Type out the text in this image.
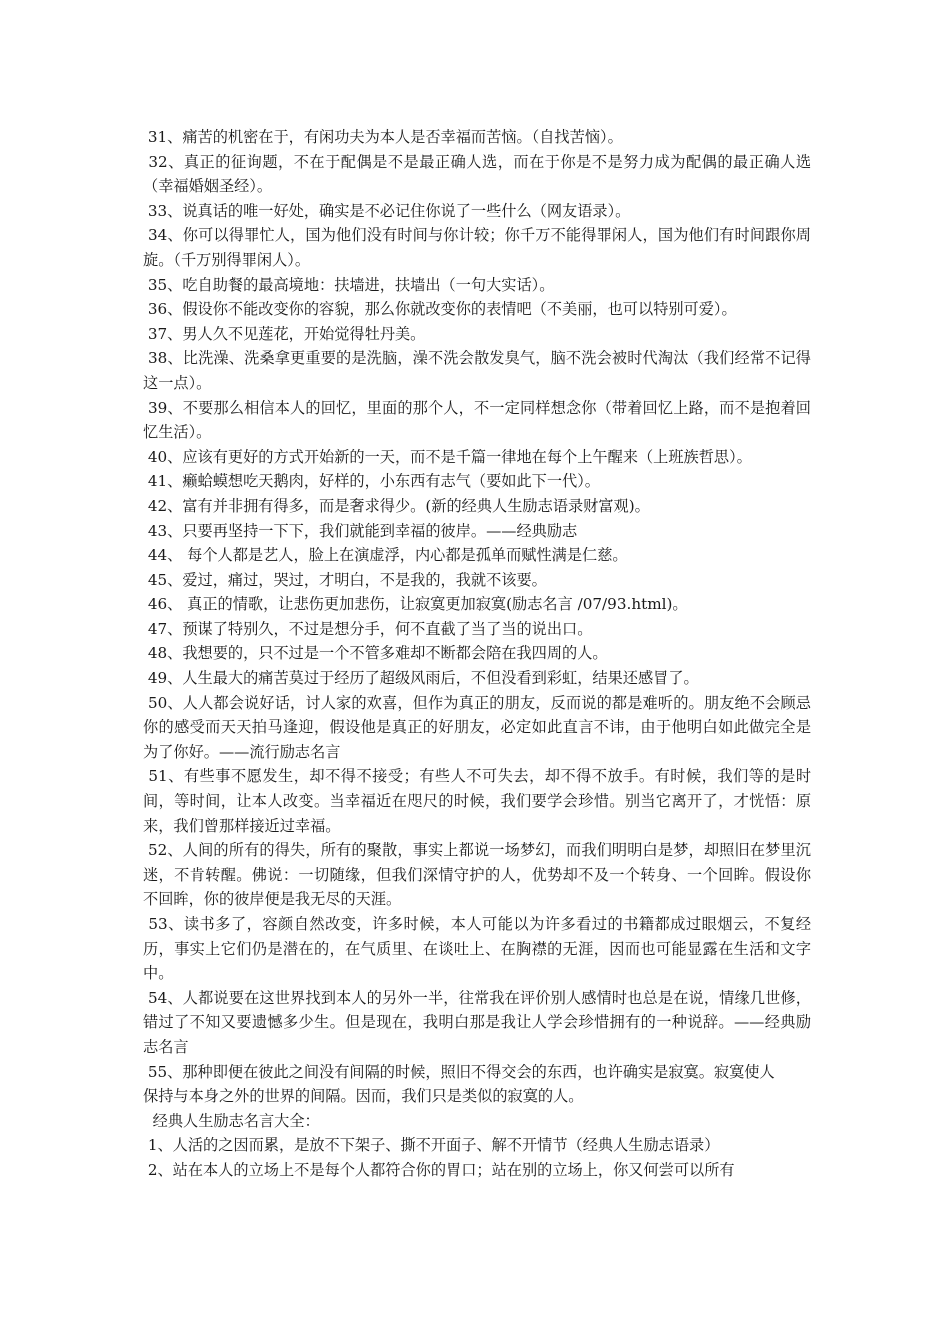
31、痛苦的机密在于，有闲功夫为本人是否幸福而苦恼。（自找苦恼）。

32、真正的征询题，不在于配偶是不是最正确人选，而在于你是不是努力成为配偶的最正确人选（幸福婚姻圣经）。

33、说真话的唯一好处，确实是不必记住你说了一些什么（网友语录）。

34、你可以得罪忙人，国为他们没有时间与你计较；你千万不能得罪闲人，国为他们有时间跟你周旋。（千万别得罪闲人）。

35、吃自助餐的最高境地：扶墙进，扶墙出（一句大实话）。

36、假设你不能改变你的容貌，那么你就改变你的表情吧（不美丽，也可以特别可爱）。

37、男人久不见莲花，开始觉得牡丹美。

38、比洗澡、洗桑拿更重要的是洗脑，澡不洗会散发臭气，脑不洗会被时代淘汰（我们经常不记得这一点）。

39、不要那么相信本人的回忆，里面的那个人，不一定同样想念你（带着回忆上路，而不是抱着回忆生活）。

40、应该有更好的方式开始新的一天，而不是千篇一律地在每个上午醒来（上班族哲思）。

41、癞蛤蟆想吃天鹅肉，好样的，小东西有志气（要如此下一代）。

42、富有并非拥有得多，而是奢求得少。(新的经典人生励志语录财富观)。

43、只要再坚持一下下，我们就能到幸福的彼岸。——经典励志

44、 每个人都是艺人，脸上在演虚浮，内心都是孤单而赋性满是仁慈。

45、爱过，痛过，哭过，才明白，不是我的，我就不该要。

46、 真正的情歌，让悲伤更加悲伤，让寂寞更加寂寞(励志名言 /07/93.html)。

47、预谋了特别久，不过是想分手，何不直截了当了当的说出口。

48、我想要的，只不过是一个不管多难却不断都会陪在我四周的人。

49、人生最大的痛苦莫过于经历了超级风雨后，不但没看到彩虹，结果还感冒了。

50、人人都会说好话，讨人家的欢喜，但作为真正的朋友，反而说的都是难听的。朋友绝不会顾忌你的感受而天天拍马逢迎，假设他是真正的好朋友，必定如此直言不讳，由于他明白如此做完全是为了你好。——流行励志名言

51、有些事不愿发生，却不得不接受；有些人不可失去，却不得不放手。有时候，我们等的是时间，等时间，让本人改变。当幸福近在咫尺的时候，我们要学会珍惜。别当它离开了，才恍悟：原来，我们曾那样接近过幸福。

52、人间的所有的得失，所有的聚散，事实上都说一场梦幻，而我们明明白是梦，却照旧在梦里沉迷，不肯转醒。佛说：一切随缘，但我们深情守护的人，优势却不及一个转身、一个回眸。假设你不回眸，你的彼岸便是我无尽的天涯。

53、读书多了，容颜自然改变，许多时候，本人可能以为许多看过的书籍都成过眼烟云，不复经历，事实上它们仍是潜在的，在气质里、在谈吐上、在胸襟的无涯，因而也可能显露在生活和文字中。

54、人都说要在这世界找到本人的另外一半，往常我在评价别人感情时也总是在说，情缘几世修，错过了不知又要遗憾多少生。但是现在，我明白那是我让人学会珍惜拥有的一种说辞。——经典励志名言

55、那种即便在彼此之间没有间隔的时候，照旧不得交会的东西，也许确实是寂寞。寂寞使人

保持与本身之外的世界的间隔。因而，我们只是类似的寂寞的人。

经典人生励志名言大全：

1、人活的之因而累，是放不下架子、撕不开面子、解不开情节（经典人生励志语录）

2、站在本人的立场上不是每个人都符合你的胃口；站在别的立场上，你又何尝可以所有
